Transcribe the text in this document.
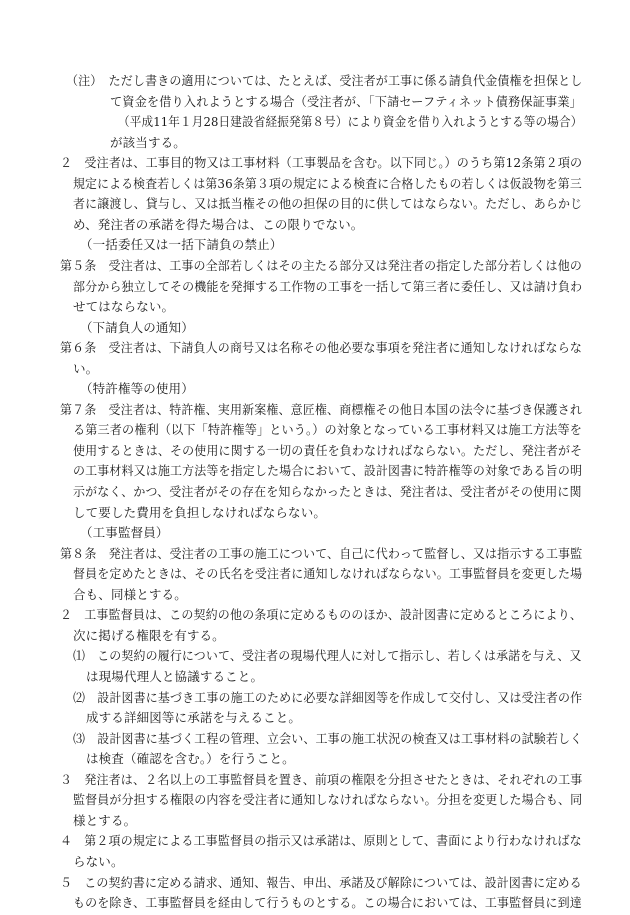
（注）　ただし書きの適用については、たとえば、受注者が工事に係る請負代金債権を担保とし
て資金を借り入れようとする場合（受注者が、「下請セーフティネット債務保証事業」
（平成11年１月28日建設省経振発第８号）により資金を借り入れようとする等の場合）
が該当する。
２　受注者は、工事目的物又は工事材料（工事製品を含む。以下同じ。）のうち第12条第２項の
規定による検査若しくは第36条第３項の規定による検査に合格したもの若しくは仮設物を第三
者に譲渡し、貸与し、又は抵当権その他の担保の目的に供してはならない。ただし、あらかじ
め、発注者の承諾を得た場合は、この限りでない。
（一括委任又は一括下請負の禁止）
第５条　受注者は、工事の全部若しくはその主たる部分又は発注者の指定した部分若しくは他の
部分から独立してその機能を発揮する工作物の工事を一括して第三者に委任し、又は請け負わ
せてはならない。
（下請負人の通知）
第６条　受注者は、下請負人の商号又は名称その他必要な事項を発注者に通知しなければならな
い。
（特許権等の使用）
第７条　受注者は、特許権、実用新案権、意匠権、商標権その他日本国の法令に基づき保護され
る第三者の権利（以下「特許権等」という。）の対象となっている工事材料又は施工方法等を
使用するときは、その使用に関する一切の責任を負わなければならない。ただし、発注者がそ
の工事材料又は施工方法等を指定した場合において、設計図書に特許権等の対象である旨の明
示がなく、かつ、受注者がその存在を知らなかったときは、発注者は、受注者がその使用に関
して要した費用を負担しなければならない。
（工事監督員）
第８条　発注者は、受注者の工事の施工について、自己に代わって監督し、又は指示する工事監
督員を定めたときは、その氏名を受注者に通知しなければならない。工事監督員を変更した場
合も、同様とする。
２　工事監督員は、この契約の他の条項に定めるもののほか、設計図書に定めるところにより、
次に掲げる権限を有する。
⑴　この契約の履行について、受注者の現場代理人に対して指示し、若しくは承諾を与え、又
は現場代理人と協議すること。
⑵　設計図書に基づき工事の施工のために必要な詳細図等を作成して交付し、又は受注者の作
成する詳細図等に承諾を与えること。
⑶　設計図書に基づく工程の管理、立会い、工事の施工状況の検査又は工事材料の試験若しく
は検査（確認を含む。）を行うこと。
３　発注者は、２名以上の工事監督員を置き、前項の権限を分担させたときは、それぞれの工事
監督員が分担する権限の内容を受注者に通知しなければならない。分担を変更した場合も、同
様とする。
４　第２項の規定による工事監督員の指示又は承諾は、原則として、書面により行わなければな
らない。
５　この契約書に定める請求、通知、報告、申出、承諾及び解除については、設計図書に定める
ものを除き、工事監督員を経由して行うものとする。この場合においては、工事監督員に到達
